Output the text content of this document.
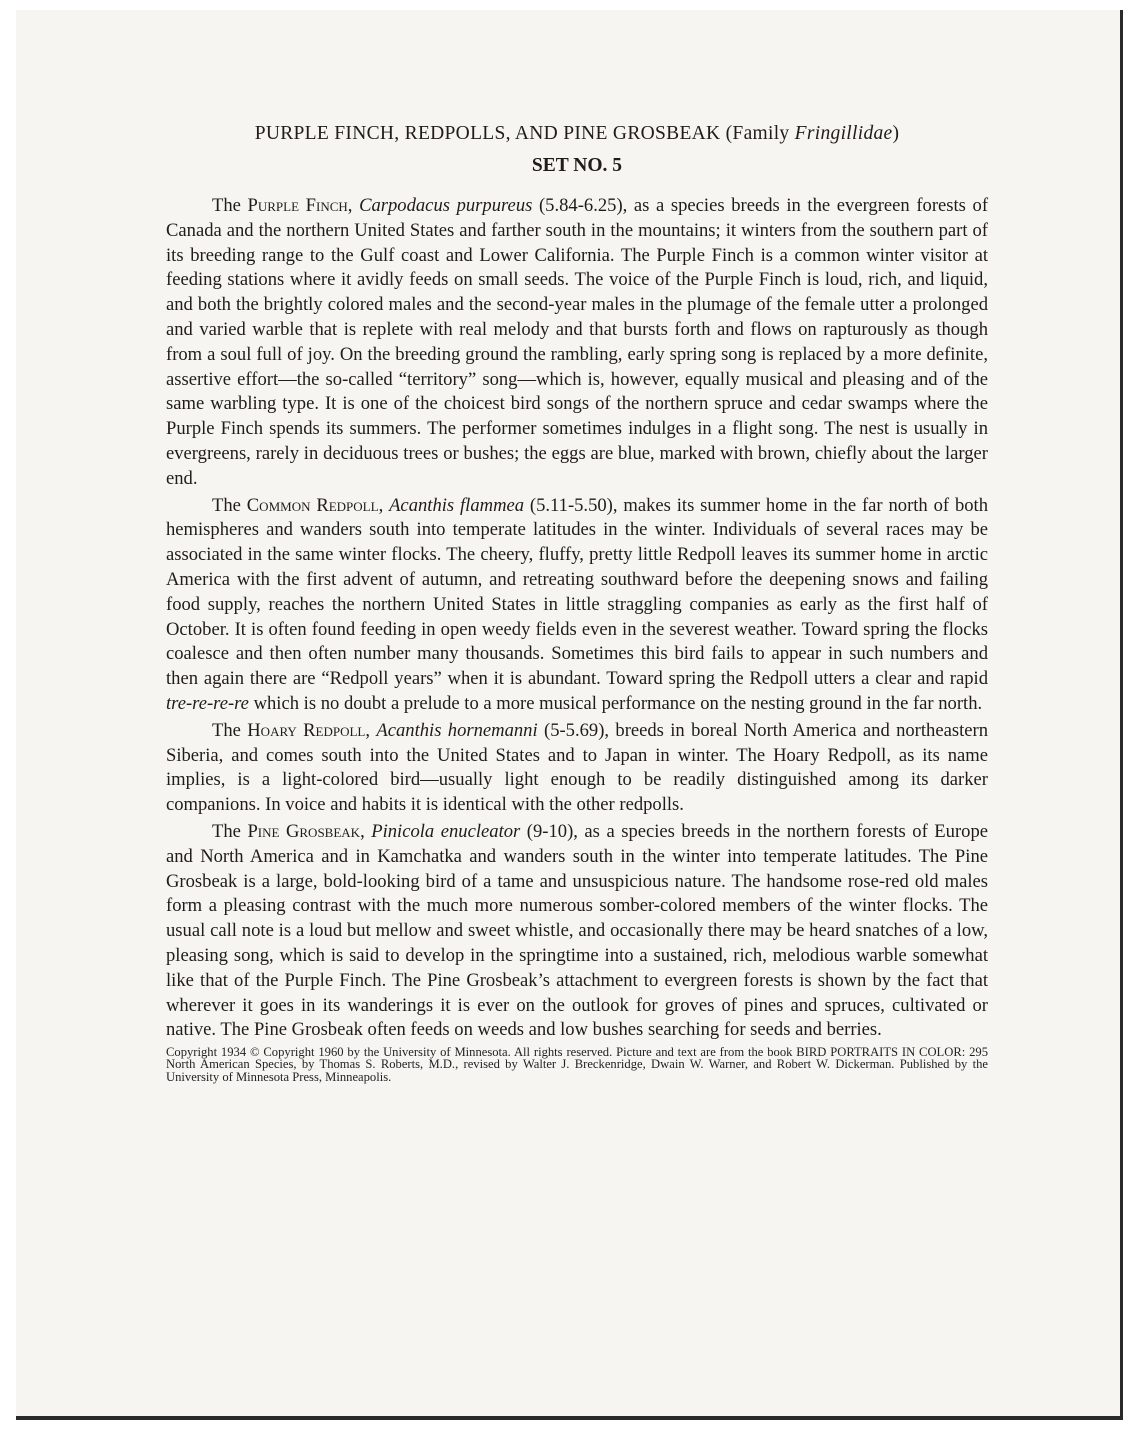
PURPLE FINCH, REDPOLLS, AND PINE GROSBEAK (Family Fringillidae)

SET NO. 5

The Purple Finch, Carpodacus purpureus (5.84-6.25), as a species breeds in the evergreen forests of Canada and the northern United States and farther south in the mountains; it winters from the southern part of its breeding range to the Gulf coast and Lower California. The Purple Finch is a common winter visitor at feeding stations where it avidly feeds on small seeds. The voice of the Purple Finch is loud, rich, and liquid, and both the brightly colored males and the second-year males in the plumage of the female utter a prolonged and varied warble that is replete with real melody and that bursts forth and flows on rapturously as though from a soul full of joy. On the breeding ground the rambling, early spring song is replaced by a more definite, assertive effort—the so-called “territory” song—which is, however, equally musical and pleasing and of the same warbling type. It is one of the choicest bird songs of the northern spruce and cedar swamps where the Purple Finch spends its summers. The performer sometimes indulges in a flight song. The nest is usually in evergreens, rarely in deciduous trees or bushes; the eggs are blue, marked with brown, chiefly about the larger end.

The Common Redpoll, Acanthis flammea (5.11-5.50), makes its summer home in the far north of both hemispheres and wanders south into temperate latitudes in the winter. Individuals of several races may be associated in the same winter flocks. The cheery, fluffy, pretty little Redpoll leaves its summer home in arctic America with the first advent of autumn, and retreating southward before the deepening snows and failing food supply, reaches the northern United States in little straggling companies as early as the first half of October. It is often found feeding in open weedy fields even in the severest weather. Toward spring the flocks coalesce and then often number many thousands. Sometimes this bird fails to appear in such numbers and then again there are “Redpoll years” when it is abundant. Toward spring the Redpoll utters a clear and rapid tre-re-re-re which is no doubt a prelude to a more musical performance on the nesting ground in the far north.

The Hoary Redpoll, Acanthis hornemanni (5-5.69), breeds in boreal North America and northeastern Siberia, and comes south into the United States and to Japan in winter. The Hoary Redpoll, as its name implies, is a light-colored bird—usually light enough to be readily distinguished among its darker companions. In voice and habits it is identical with the other redpolls.

The Pine Grosbeak, Pinicola enucleator (9-10), as a species breeds in the northern forests of Europe and North America and in Kamchatka and wanders south in the winter into temperate latitudes. The Pine Grosbeak is a large, bold-looking bird of a tame and unsuspicious nature. The handsome rose-red old males form a pleasing contrast with the much more numerous somber-colored members of the winter flocks. The usual call note is a loud but mellow and sweet whistle, and occasionally there may be heard snatches of a low, pleasing song, which is said to develop in the springtime into a sustained, rich, melodious warble somewhat like that of the Purple Finch. The Pine Grosbeak’s attachment to evergreen forests is shown by the fact that wherever it goes in its wanderings it is ever on the outlook for groves of pines and spruces, cultivated or native. The Pine Grosbeak often feeds on weeds and low bushes searching for seeds and berries.

Copyright 1934 © Copyright 1960 by the University of Minnesota. All rights reserved. Picture and text are from the book BIRD PORTRAITS IN COLOR: 295 North American Species, by Thomas S. Roberts, M.D., revised by Walter J. Breckenridge, Dwain W. Warner, and Robert W. Dickerman. Published by the University of Minnesota Press, Minneapolis.
